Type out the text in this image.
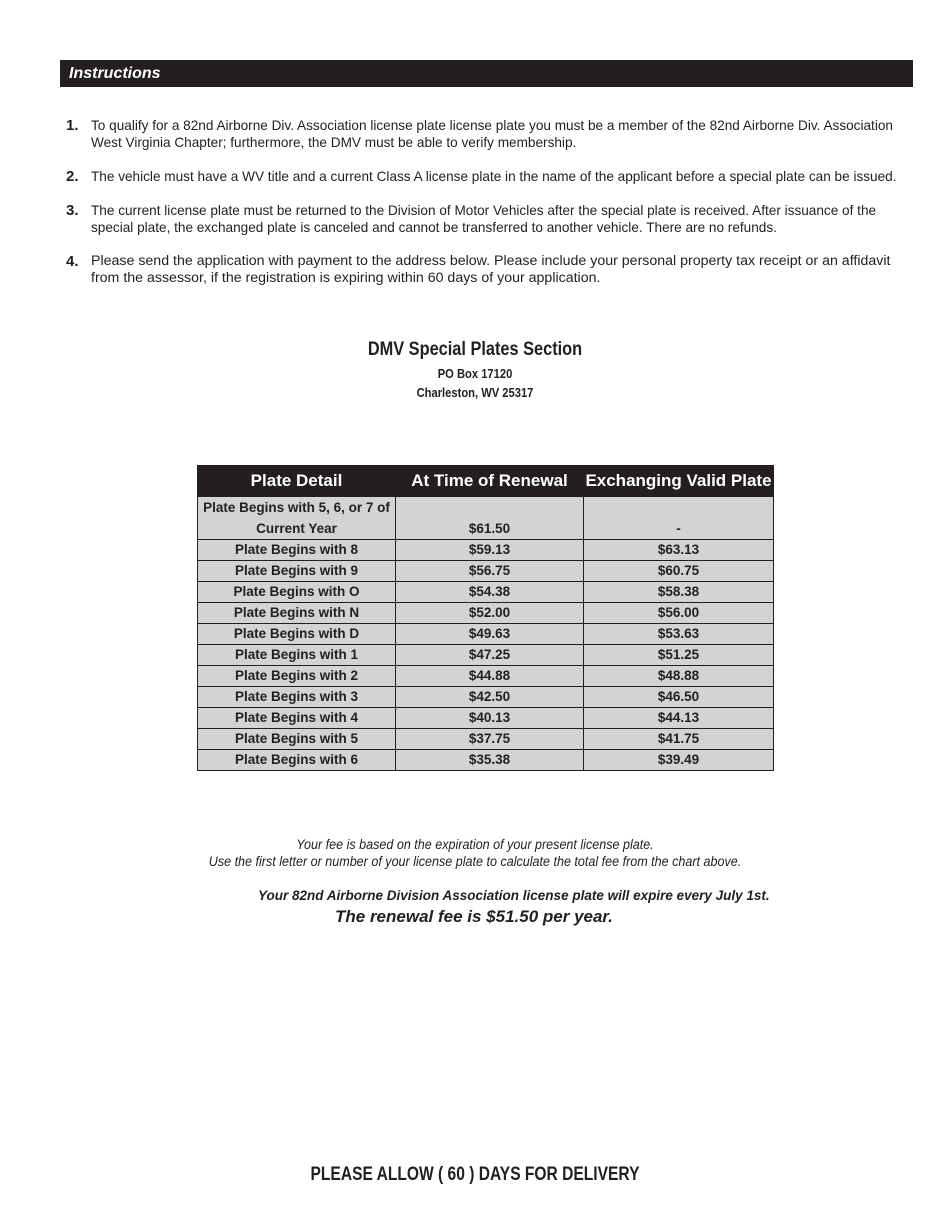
Instructions
1. To qualify for a 82nd Airborne Div. Association license plate license plate you must be a member of the 82nd Airborne Div. Association West Virginia Chapter; furthermore, the DMV must be able to verify membership.
2. The vehicle must have a WV title and a current Class A license plate in the name of the applicant before a special plate can be issued.
3. The current license plate must be returned to the Division of Motor Vehicles after the special plate is received. After issuance of the special plate, the exchanged plate is canceled and cannot be transferred to another vehicle. There are no refunds.
4. Please send the application with payment to the address below. Please include your personal property tax receipt or an affidavit from the assessor, if the registration is expiring within 60 days of your application.
DMV Special Plates Section
PO Box 17120
Charleston, WV 25317
Plate Detail	At Time of Renewal	Exchanging Valid Plate
Plate Begins with 5, 6, or 7 of Current Year	$61.50	-
Plate Begins with 8	$59.13	$63.13
Plate Begins with 9	$56.75	$60.75
Plate Begins with O	$54.38	$58.38
Plate Begins with N	$52.00	$56.00
Plate Begins with D	$49.63	$53.63
Plate Begins with 1	$47.25	$51.25
Plate Begins with 2	$44.88	$48.88
Plate Begins with 3	$42.50	$46.50
Plate Begins with 4	$40.13	$44.13
Plate Begins with 5	$37.75	$41.75
Plate Begins with 6	$35.38	$39.49
Your fee is based on the expiration of your present license plate.
Use the first letter or number of your license plate to calculate the total fee from the chart above.
Your 82nd Airborne Division Association license plate will expire every July 1st.
The renewal fee is $51.50 per year.
PLEASE ALLOW ( 60 ) DAYS FOR DELIVERY
